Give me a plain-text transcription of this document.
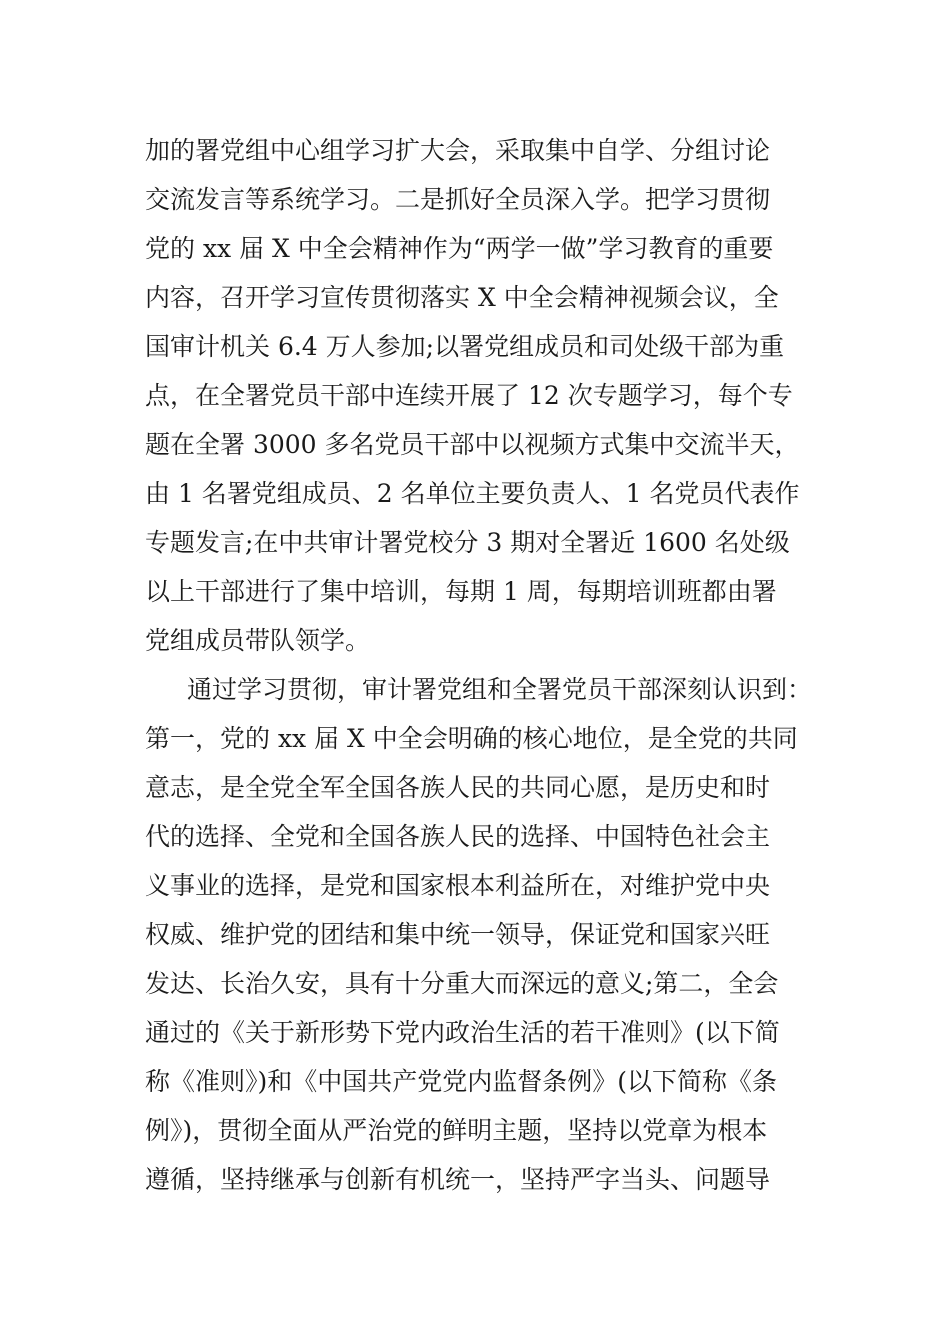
加的署党组中心组学习扩大会，采取集中自学、分组讨论
交流发言等系统学习。二是抓好全员深入学。把学习贯彻
党的 xx 届 X 中全会精神作为“两学一做”学习教育的重要
内容，召开学习宣传贯彻落实 X 中全会精神视频会议，全
国审计机关 6.4 万人参加;以署党组成员和司处级干部为重
点，在全署党员干部中连续开展了 12 次专题学习，每个专
题在全署 3000 多名党员干部中以视频方式集中交流半天，
由 1 名署党组成员、2 名单位主要负责人、1 名党员代表作
专题发言;在中共审计署党校分 3 期对全署近 1600 名处级
以上干部进行了集中培训，每期 1 周，每期培训班都由署
党组成员带队领学。
通过学习贯彻，审计署党组和全署党员干部深刻认识到：
第一，党的 xx 届 X 中全会明确的核心地位，是全党的共同
意志，是全党全军全国各族人民的共同心愿，是历史和时
代的选择、全党和全国各族人民的选择、中国特色社会主
义事业的选择，是党和国家根本利益所在，对维护党中央
权威、维护党的团结和集中统一领导，保证党和国家兴旺
发达、长治久安，具有十分重大而深远的意义;第二，全会
通过的《关于新形势下党内政治生活的若干准则》(以下简
称《准则》)和《中国共产党党内监督条例》(以下简称《条
例》)，贯彻全面从严治党的鲜明主题，坚持以党章为根本
遵循，坚持继承与创新有机统一，坚持严字当头、问题导
